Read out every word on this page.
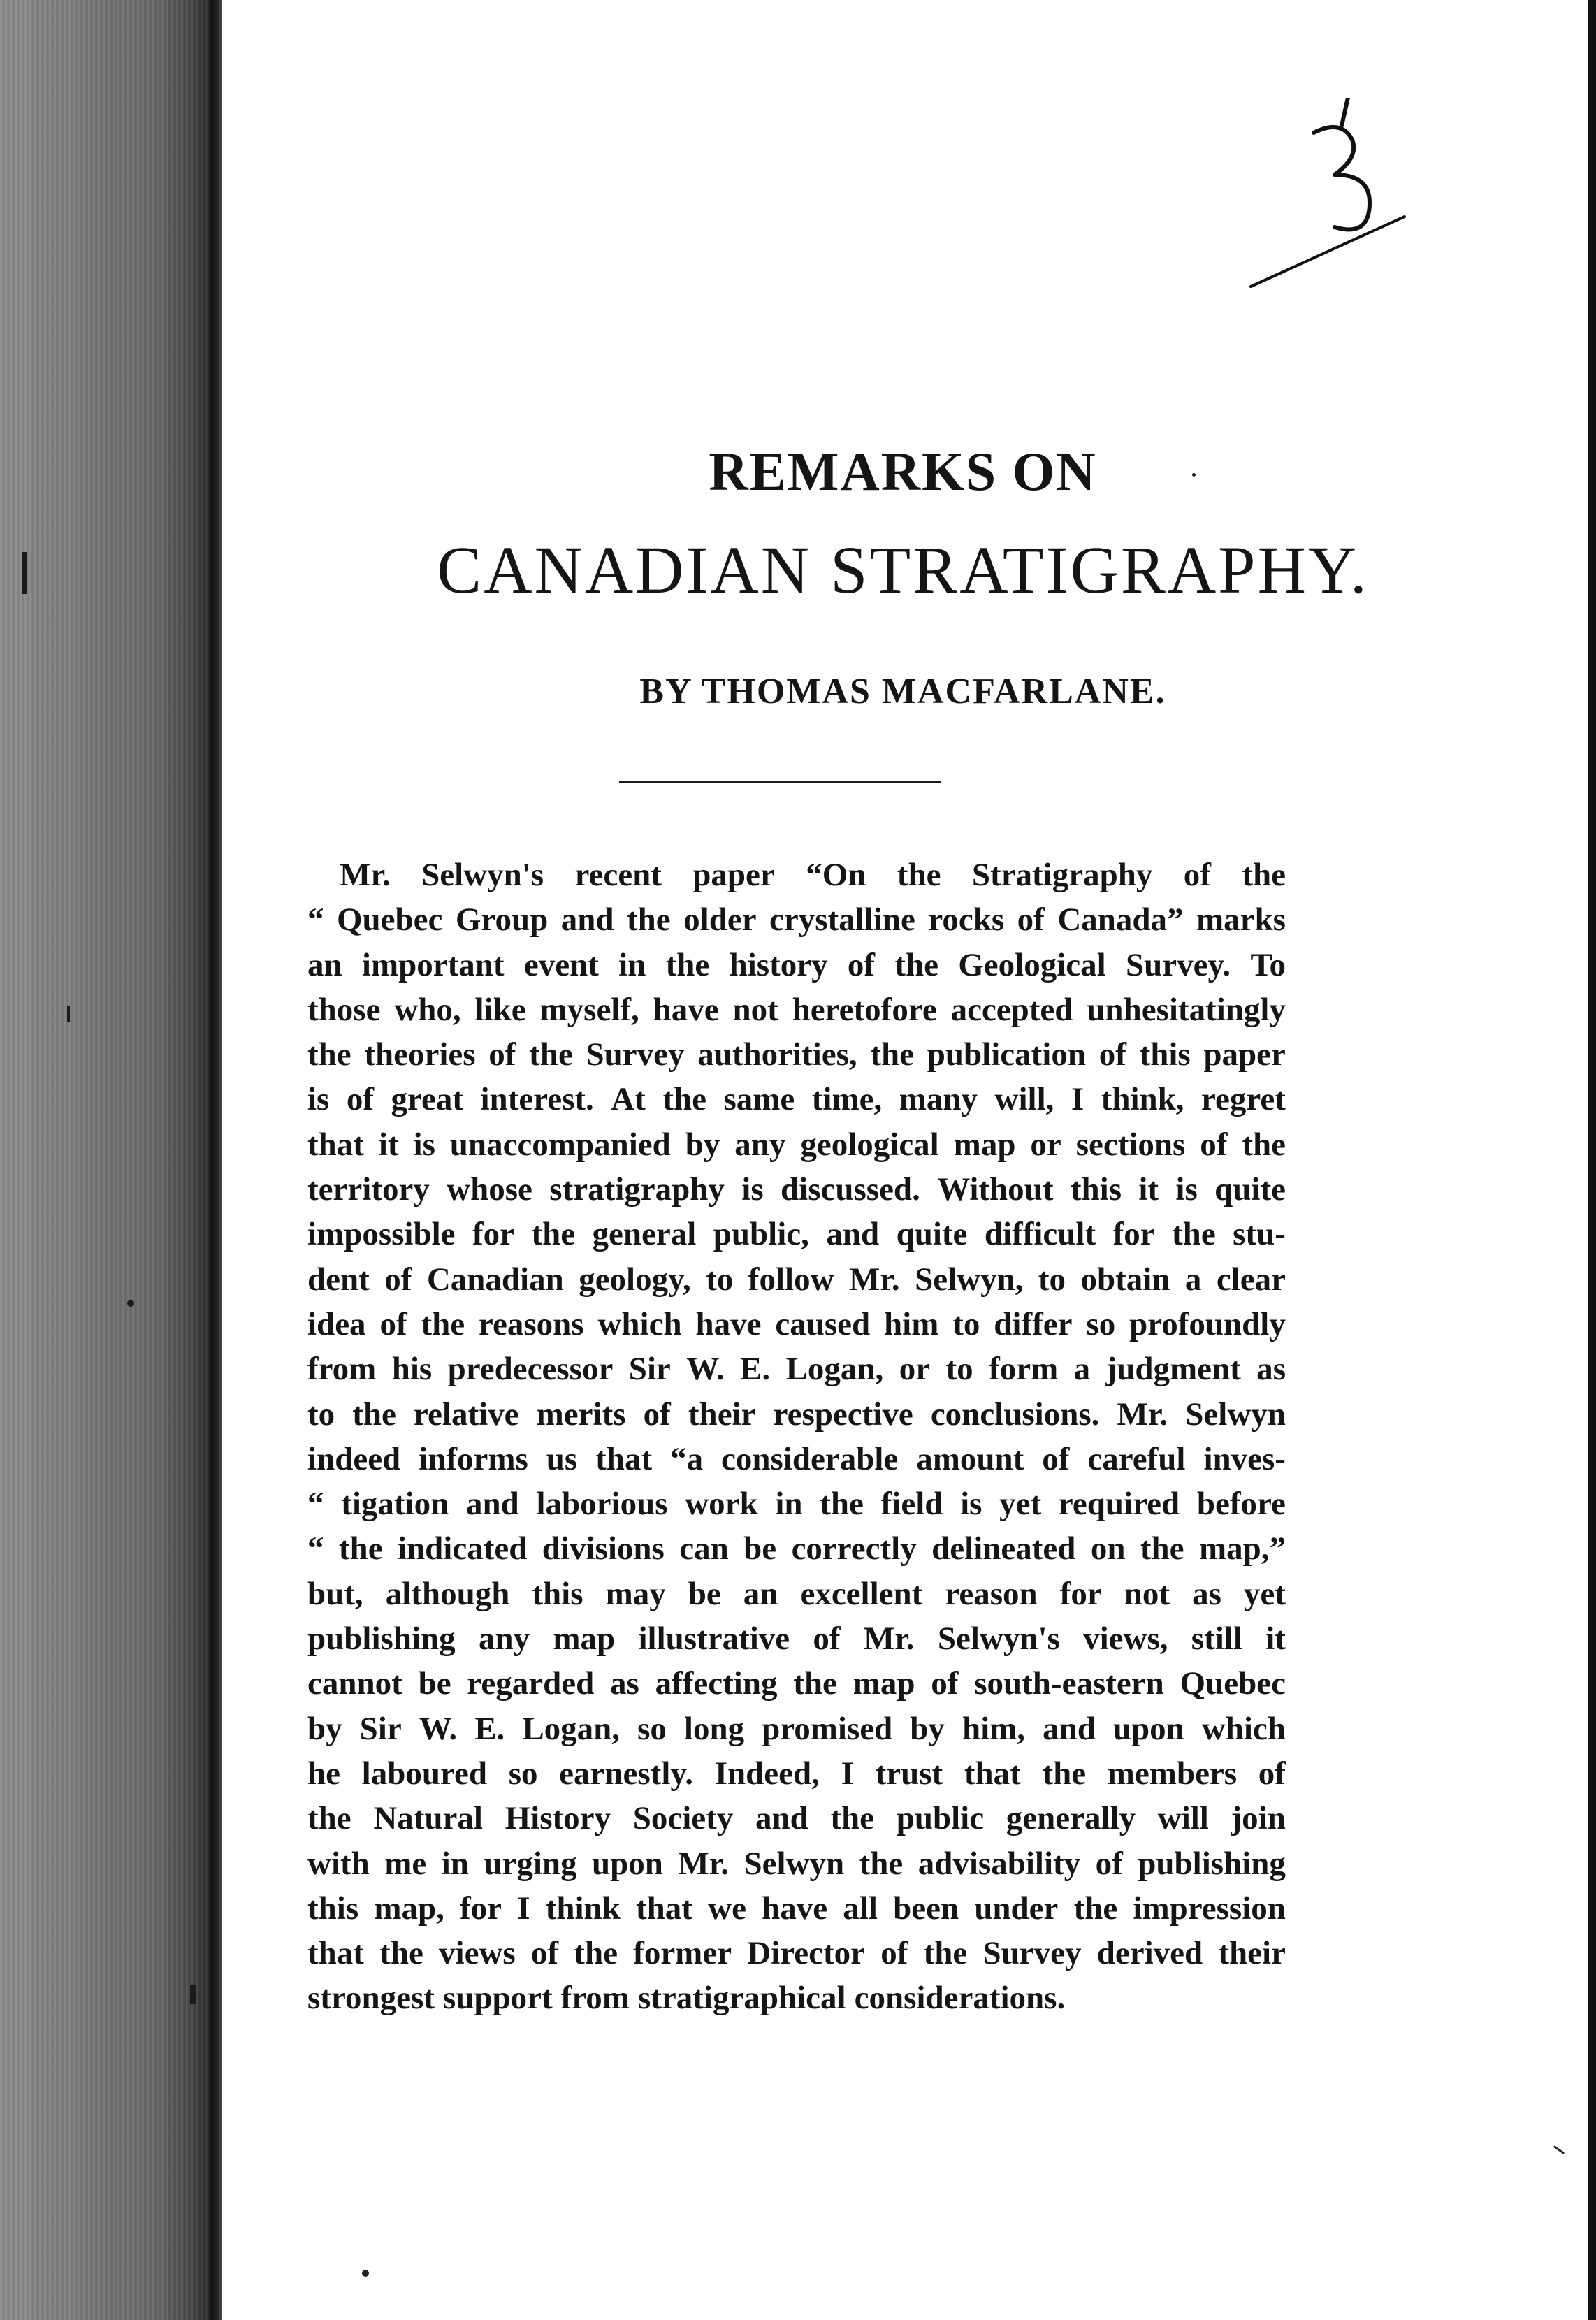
REMARKS ON
CANADIAN STRATIGRAPHY.
BY THOMAS MACFARLANE.
Mr. Selwyn's recent paper “On the Stratigraphy of the
“ Quebec Group and the older crystalline rocks of Canada” marks
an important event in the history of the Geological Survey. To
those who, like myself, have not heretofore accepted unhesitatingly
the theories of the Survey authorities, the publication of this paper
is of great interest. At the same time, many will, I think, regret
that it is unaccompanied by any geological map or sections of the
territory whose stratigraphy is discussed. Without this it is quite
impossible for the general public, and quite difficult for the stu-
dent of Canadian geology, to follow Mr. Selwyn, to obtain a clear
idea of the reasons which have caused him to differ so profoundly
from his predecessor Sir W. E. Logan, or to form a judgment as
to the relative merits of their respective conclusions. Mr. Selwyn
indeed informs us that “a considerable amount of careful inves-
“ tigation and laborious work in the field is yet required before
“ the indicated divisions can be correctly delineated on the map,”
but, although this may be an excellent reason for not as yet
publishing any map illustrative of Mr. Selwyn's views, still it
cannot be regarded as affecting the map of south-eastern Quebec
by Sir W. E. Logan, so long promised by him, and upon which
he laboured so earnestly. Indeed, I trust that the members of
the Natural History Society and the public generally will join
with me in urging upon Mr. Selwyn the advisability of publishing
this map, for I think that we have all been under the impression
that the views of the former Director of the Survey derived their
strongest support from stratigraphical considerations.
